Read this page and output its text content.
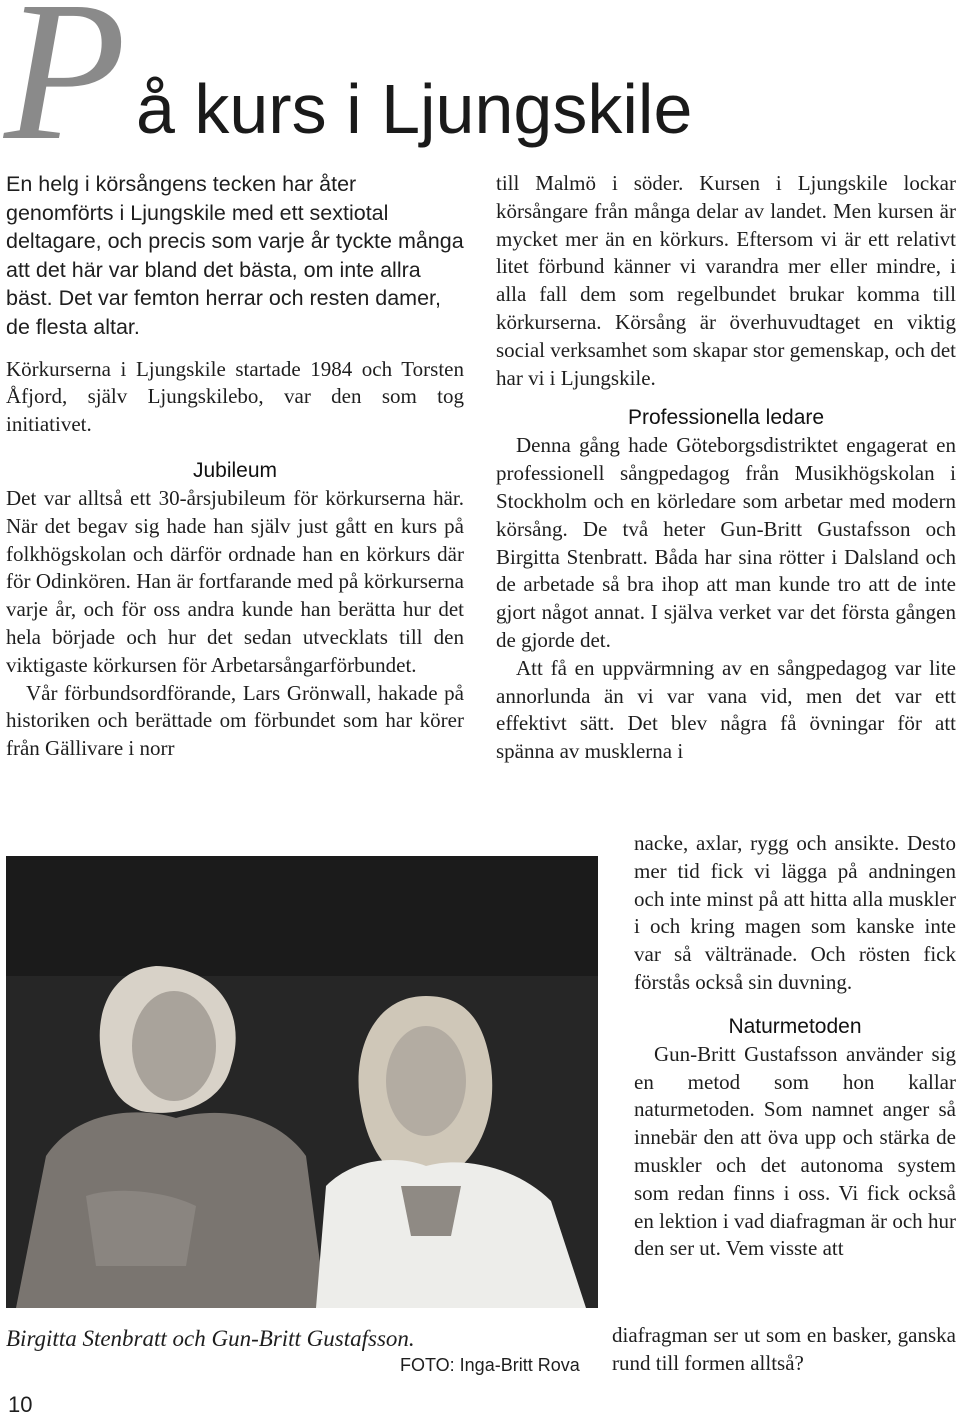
P å kurs i Ljungskile

En helg i körsångens tecken har åter genomförts i Ljungskile med ett sextiotal deltagare, och precis som varje år tyckte många att det här var bland det bästa, om inte allra bäst. Det var femton herrar och resten damer, de flesta altar.

Körkurserna i Ljungskile startade 1984 och Torsten Åfjord, själv Ljungskilebo, var den som tog initiativet.

Jubileum

Det var alltså ett 30-årsjubileum för körkurserna här. När det begav sig hade han själv just gått en kurs på folkhögskolan och därför ordnade han en körkurs där för Odinkören. Han är fortfarande med på körkurserna varje år, och för oss andra kunde han berätta hur det hela började och hur det sedan utvecklats till den viktigaste körkursen för Arbetarsångarförbundet.

Vår förbundsordförande, Lars Grönwall, hakade på historiken och berättade om förbundet som har körer från Gällivare i norr

till Malmö i söder. Kursen i Ljungskile lockar körsångare från många delar av landet. Men kursen är mycket mer än en körkurs. Eftersom vi är ett relativt litet förbund känner vi varandra mer eller mindre, i alla fall dem som regelbundet brukar komma till körkurserna. Körsång är överhuvudtaget en viktig social verksamhet som skapar stor gemenskap, och det har vi i Ljungskile.

Professionella ledare

Denna gång hade Göteborgsdistriktet engagerat en professionell sångpedagog från Musikhögskolan i Stockholm och en körledare som arbetar med modern körsång. De två heter Gun-Britt Gustafsson och Birgitta Stenbratt. Båda har sina rötter i Dalsland och de arbetade så bra ihop att man kunde tro att de inte gjort något annat. I själva verket var det första gången de gjorde det.

Att få en uppvärmning av en sångpedagog var lite annorlunda än vi var vana vid, men det var ett effektivt sätt. Det blev några få övningar för att spänna av musklerna i

nacke, axlar, rygg och ansikte. Desto mer tid fick vi lägga på andningen och inte minst på att hitta alla muskler i och kring magen som kanske inte var så vältränade. Och rösten fick förstås också sin duvning.

Naturmetoden

Gun-Britt Gustafsson använder sig en metod som hon kallar naturmetoden. Som namnet anger så innebär den att öva upp och stärka de muskler och det autonoma system som redan finns i oss. Vi fick också en lektion i vad diafragman är och hur den ser ut. Vem visste att

diafragman ser ut som en basker, ganska rund till formen alltså?

Birgitta Stenbratt och Gun-Britt Gustafsson.
FOTO: Inga-Britt Rova
10
